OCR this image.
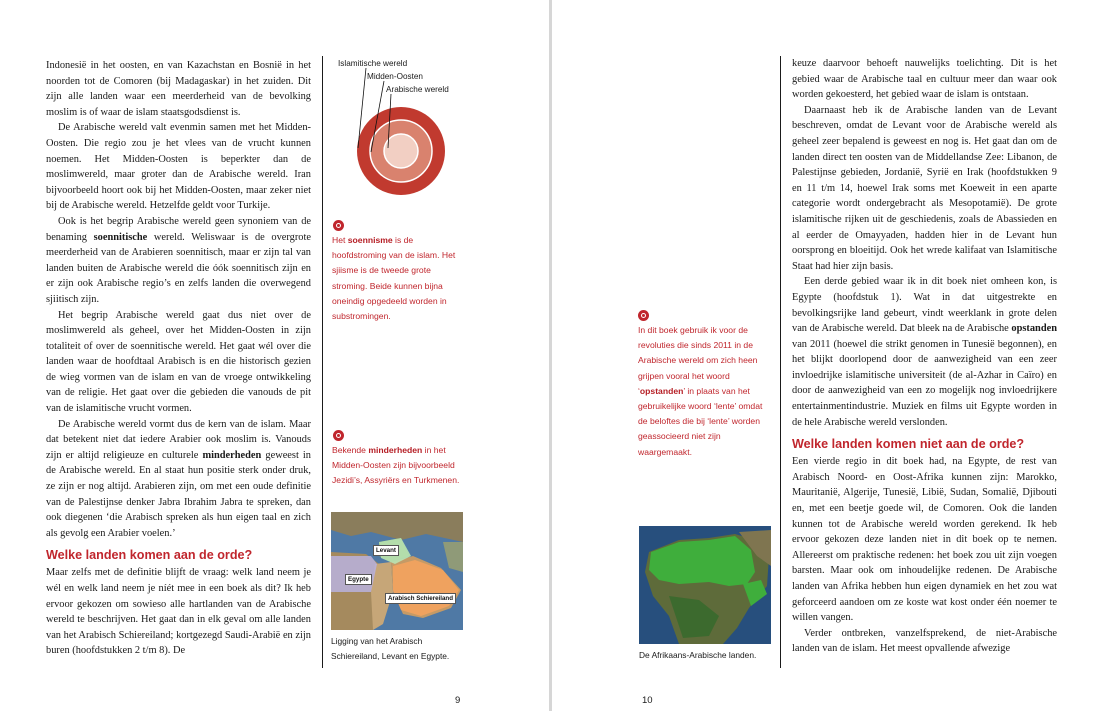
Indonesië in het oosten, en van Kazachstan en Bosnië in het noorden tot de Comoren (bij Madagaskar) in het zuiden. Dit zijn alle landen waar een meerderheid van de bevolking moslim is of waar de islam staatsgodsdienst is.

De Arabische wereld valt evenmin samen met het Midden-Oosten. Die regio zou je het vlees van de vrucht kunnen noemen. Het Midden-Oosten is beperkter dan de moslimwereld, maar groter dan de Arabische wereld. Iran bijvoorbeeld hoort ook bij het Midden-Oosten, maar zeker niet bij de Arabische wereld. Hetzelfde geldt voor Turkije.

Ook is het begrip Arabische wereld geen synoniem van de benaming soennitische wereld. Weliswaar is de overgrote meerderheid van de Arabieren soennitisch, maar er zijn tal van landen buiten de Arabische wereld die óók soennitisch zijn en er zijn ook Arabische regio’s en zelfs landen die overwegend sjiitisch zijn.

Het begrip Arabische wereld gaat dus niet over de moslimwereld als geheel, over het Midden-Oosten in zijn totaliteit of over de soennitische wereld. Het gaat wél over die landen waar de hoofdtaal Arabisch is en die historisch gezien de wieg vormen van de islam en van de vroege ontwikkeling van de religie. Het gaat over die gebieden die vanouds de pit van de islamitische vrucht vormen.

De Arabische wereld vormt dus de kern van de islam. Maar dat betekent niet dat iedere Arabier ook moslim is. Vanouds zijn er altijd religieuze en culturele minderheden geweest in de Arabische wereld. En al staat hun positie sterk onder druk, ze zijn er nog altijd. Arabieren zijn, om met een oude definitie van de Palestijnse denker Jabra Ibrahim Jabra te spreken, dan ook diegenen ‘die Arabisch spreken als hun eigen taal en zich als gevolg een Arabier voelen.’

Welke landen komen aan de orde?

Maar zelfs met de definitie blijft de vraag: welk land neem je wél en welk land neem je níét mee in een boek als dit? Ik heb ervoor gekozen om sowieso alle hartlanden van de Arabische wereld te beschrijven. Het gaat dan in elk geval om alle landen van het Arabisch Schiereiland; kortgezegd Saudi-Arabië en zijn buren (hoofdstukken 2 t/m 8). De

Islamitische wereld
Midden-Oosten
Arabische wereld
Het soennisme is de hoofdstroming van de islam. Het sjiisme is de tweede grote stroming. Beide kunnen bijna oneindig opgedeeld worden in substromingen.
Bekende minderheden in het Midden-Oosten zijn bijvoorbeeld Jezidi’s, Assyriërs en Turkmenen.
Levant
Egypte
Arabisch Schiereiland
Ligging van het Arabisch Schiereiland, Levant en Egypte.
9
In dit boek gebruik ik voor de revoluties die sinds 2011 in de Arabische wereld om zich heen grijpen vooral het woord ‘opstanden’ in plaats van het gebruikelijke woord ‘lente’ omdat de beloftes die bij ‘lente’ worden geassocieerd niet zijn waargemaakt.
De Afrikaans-Arabische landen.

keuze daarvoor behoeft nauwelijks toelichting. Dit is het gebied waar de Arabische taal en cultuur meer dan waar ook worden gekoesterd, het gebied waar de islam is ontstaan.

Daarnaast heb ik de Arabische landen van de Levant beschreven, omdat de Levant voor de Arabische wereld als geheel zeer bepalend is geweest en nog is. Het gaat dan om de landen direct ten oosten van de Middellandse Zee: Libanon, de Palestijnse gebieden, Jordanië, Syrië en Irak (hoofdstukken 9 en 11 t/m 14, hoewel Irak soms met Koeweit in een aparte categorie wordt ondergebracht als Mesopotamië). De grote islamitische rijken uit de geschiedenis, zoals de Abassieden en al eerder de Omayyaden, hadden hier in de Levant hun oorsprong en bloeitijd. Ook het wrede kalifaat van Islamitische Staat had hier zijn basis.

Een derde gebied waar ik in dit boek niet omheen kon, is Egypte (hoofdstuk 1). Wat in dat uitgestrekte en bevolkingsrijke land gebeurt, vindt weerklank in grote delen van de Arabische wereld. Dat bleek na de Arabische opstanden van 2011 (hoewel die strikt genomen in Tunesië begonnen), en het blijkt doorlopend door de aanwezigheid van een zeer invloedrijke islamitische universiteit (de al-Azhar in Caïro) en door de aanwezigheid van een zo mogelijk nog invloedrijkere entertainmentindustrie. Muziek en films uit Egypte worden in de hele Arabische wereld verslonden.

Welke landen komen niet aan de orde?

Een vierde regio in dit boek had, na Egypte, de rest van Arabisch Noord- en Oost-Afrika kunnen zijn: Marokko, Mauritanië, Algerije, Tunesië, Libië, Sudan, Somalië, Djibouti en, met een beetje goede wil, de Comoren. Ook die landen kunnen tot de Arabische wereld worden gerekend. Ik heb ervoor gekozen deze landen niet in dit boek op te nemen. Allereerst om praktische redenen: het boek zou uit zijn voegen barsten. Maar ook om inhoudelijke redenen. De Arabische landen van Afrika hebben hun eigen dynamiek en het zou wat geforceerd aandoen om ze koste wat kost onder één noemer te willen vangen.

Verder ontbreken, vanzelfsprekend, de niet-Arabische landen van de islam. Het meest opvallende afwezige

10
